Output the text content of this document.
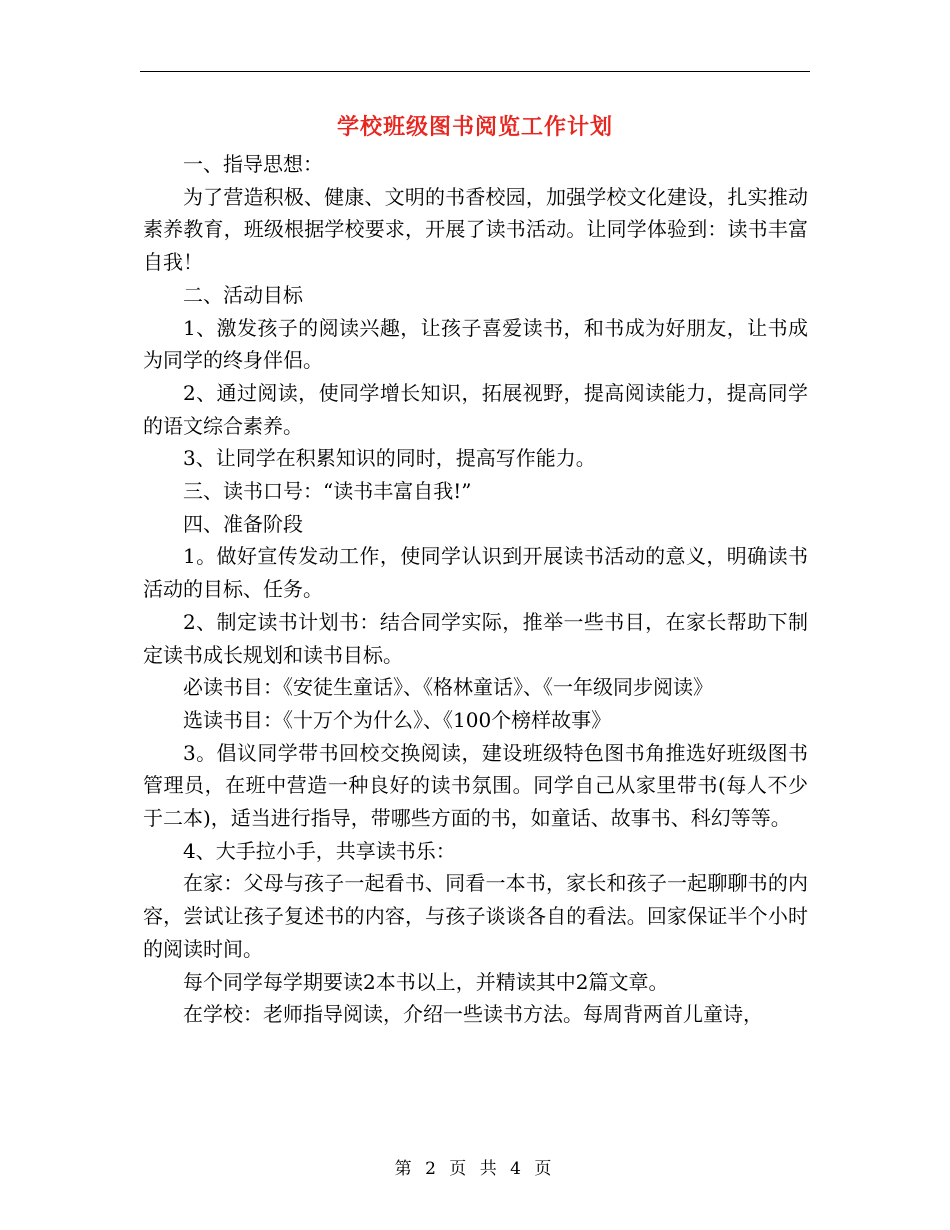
学校班级图书阅览工作计划

一、指导思想：

为了营造积极、健康、文明的书香校园，加强学校文化建设，扎实推动素养教育，班级根据学校要求，开展了读书活动。让同学体验到：读书丰富自我！

二、活动目标

1、激发孩子的阅读兴趣，让孩子喜爱读书，和书成为好朋友，让书成为同学的终身伴侣。

2、通过阅读，使同学增长知识，拓展视野，提高阅读能力，提高同学的语文综合素养。

3、让同学在积累知识的同时，提高写作能力。

三、读书口号：“读书丰富自我!”

四、准备阶段

1。做好宣传发动工作，使同学认识到开展读书活动的意义，明确读书活动的目标、任务。

2、制定读书计划书：结合同学实际，推举一些书目，在家长帮助下制定读书成长规划和读书目标。

必读书目：《安徒生童话》、《格林童话》、《一年级同步阅读》

选读书目：《十万个为什么》、《100个榜样故事》

3。倡议同学带书回校交换阅读，建设班级特色图书角推选好班级图书管理员，在班中营造一种良好的读书氛围。同学自己从家里带书(每人不少于二本)，适当进行指导，带哪些方面的书，如童话、故事书、科幻等等。

4、大手拉小手，共享读书乐：

在家：父母与孩子一起看书、同看一本书，家长和孩子一起聊聊书的内容，尝试让孩子复述书的内容，与孩子谈谈各自的看法。回家保证半个小时的阅读时间。

每个同学每学期要读2本书以上，并精读其中2篇文章。

在学校：老师指导阅读，介绍一些读书方法。每周背两首儿童诗，

第 2 页 共 4 页
